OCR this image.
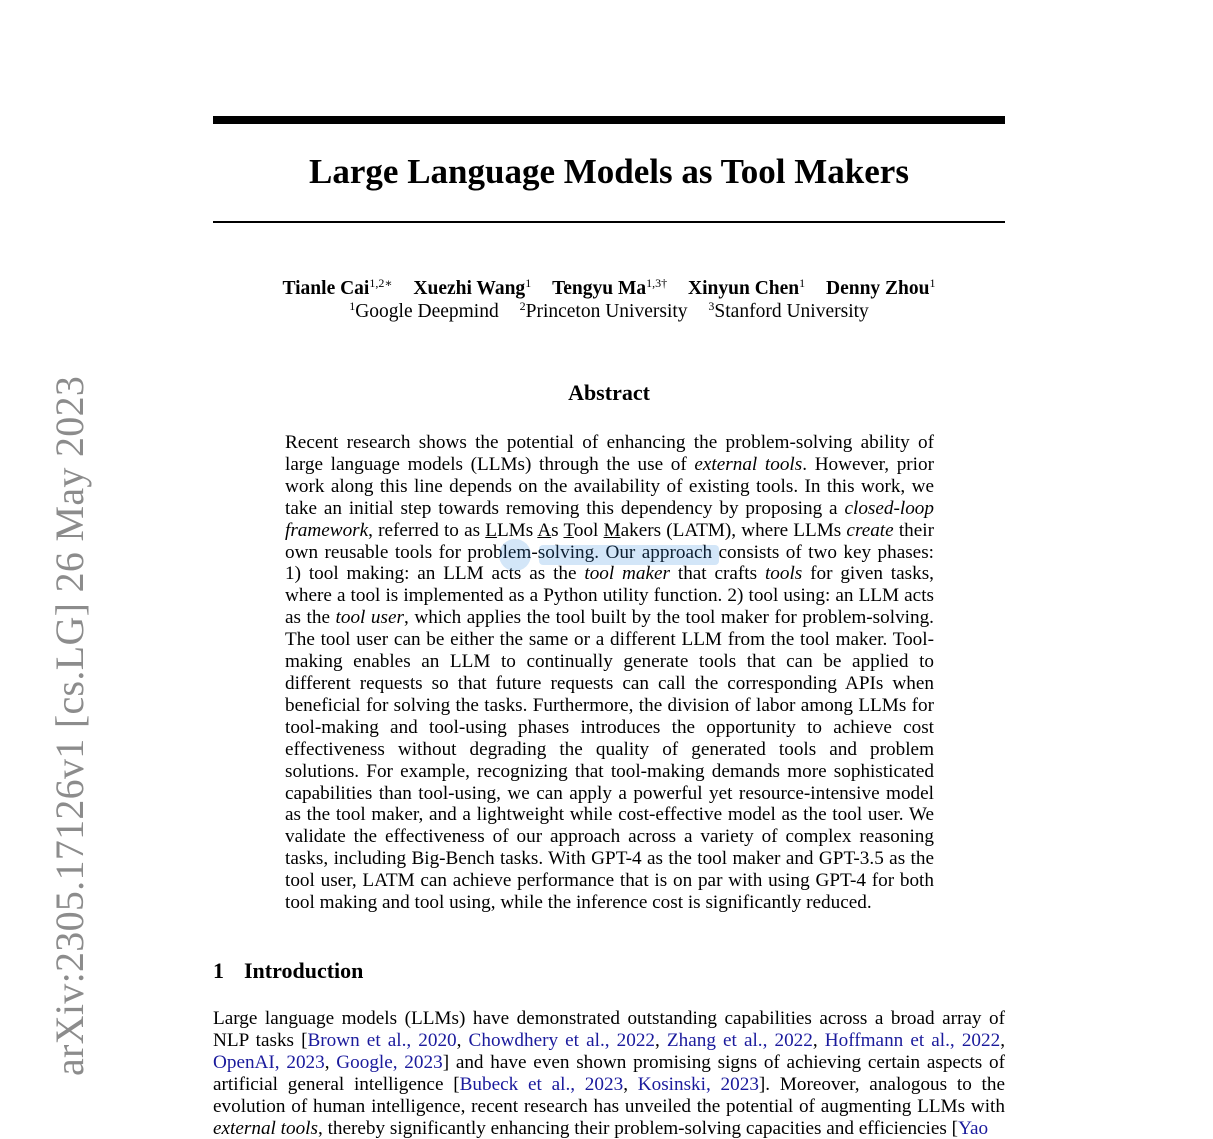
Large Language Models as Tool Makers
Tianle Cai$^{1,2∗}$ Xuezhi Wang$^1$ Tengyu $Ma^{1,3\dagger}$ Xinyun Chen$^1$ Denny Zhou$^1$
$^1$Google Deepmind $^2$Princeton University $^3$Stanford University
Abstract

Recent research shows the potential of enhancing the problem-solving ability of large language models (LLMs) through the use of external tools. However, prior work along this line depends on the availability of existing tools. In this work, we take an initial step towards removing this dependency by proposing a closed-loop framework, referred to as LLMs As Tool Makers (LATM), where LLMs create their own reusable tools for problem-solving. Our approach consists of two key phases: 1) tool making: an LLM acts as the tool maker that crafts tools for given tasks, where a tool is implemented as a Python utility function. 2) tool using: an LLM acts as the tool user, which applies the tool built by the tool maker for problem-solving. The tool user can be either the same or a different LLM from the tool maker. Tool-making enables an LLM to continually generate tools that can be applied to different requests so that future requests can call the corresponding APIs when beneficial for solving the tasks. Furthermore, the division of labor among LLMs for tool-making and tool-using phases introduces the opportunity to achieve cost effectiveness without degrading the quality of generated tools and problem solutions. For example, recognizing that tool-making demands more sophisticated capabilities than tool-using, we can apply a powerful yet resource-intensive model as the tool maker, and a lightweight while cost-effective model as the tool user. We validate the effectiveness of our approach across a variety of complex reasoning tasks, including Big-Bench tasks. With GPT-4 as the tool maker and GPT-3.5 as the tool user, LATM can achieve performance that is on par with using GPT-4 for both tool making and tool using, while the inference cost is significantly reduced.

1 Introduction

Large language models (LLMs) have demonstrated outstanding capabilities across a broad array of NLP tasks [Brown et al., 2020, Chowdhery et al., 2022, Zhang et al., 2022, Hoffmann et al., 2022, OpenAI, 2023, Google, 2023] and have even shown promising signs of achieving certain aspects of artificial general intelligence [Bubeck et al., 2023, Kosinski, 2023]. Moreover, analogous to the evolution of human intelligence, recent research has unveiled the potential of augmenting LLMs with external tools, thereby significantly enhancing their problem-solving capacities and efficiencies [Yao

arXiv:2305.17126v1 [cs.LG] 26 May 2023
